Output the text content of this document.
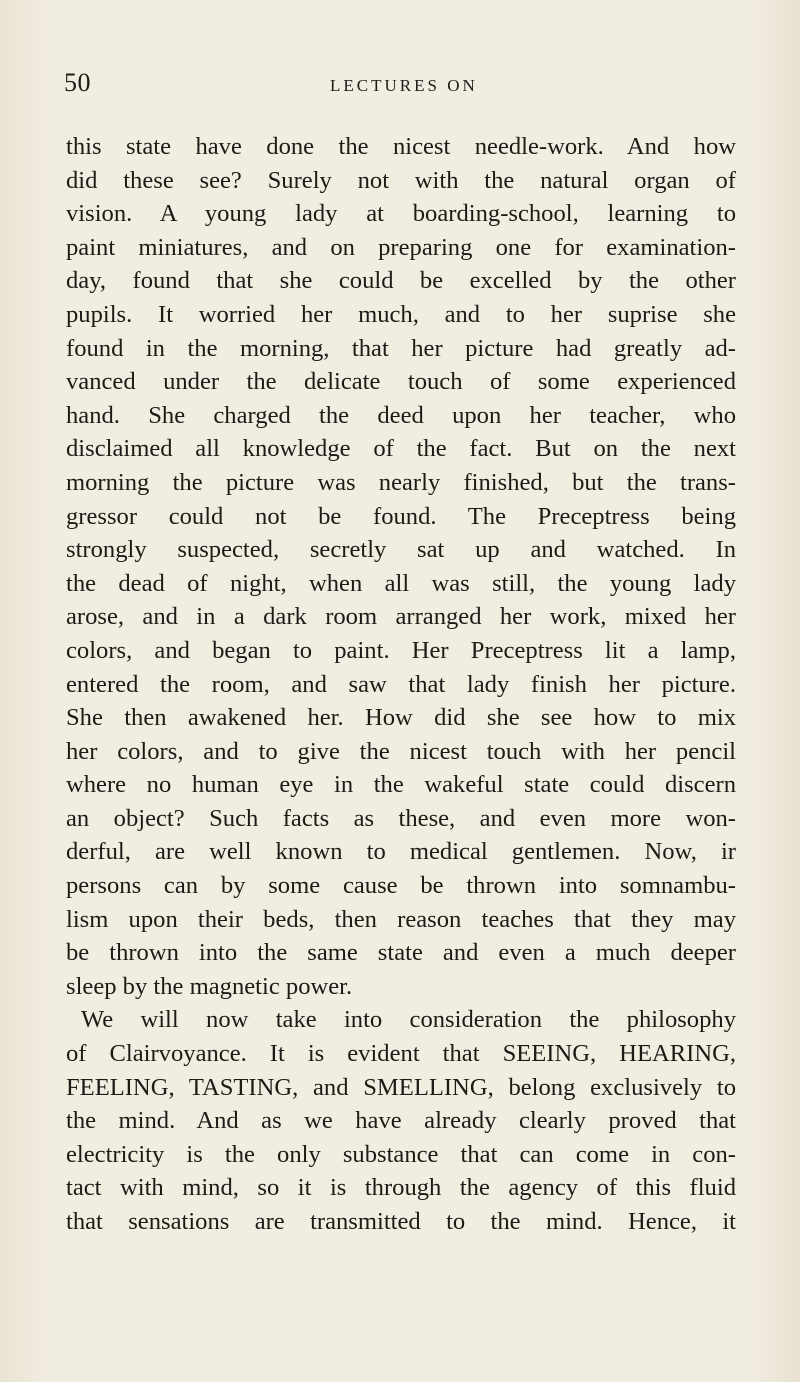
50	LECTURES ON
this state have done the nicest needle-work. And how
did these see? Surely not with the natural organ of
vision. A young lady at boarding-school, learning to
paint miniatures, and on preparing one for examination-
day, found that she could be excelled by the other
pupils. It worried her much, and to her suprise she
found in the morning, that her picture had greatly ad-
vanced under the delicate touch of some experienced
hand. She charged the deed upon her teacher, who
disclaimed all knowledge of the fact. But on the next
morning the picture was nearly finished, but the trans-
gressor could not be found. The Preceptress being
strongly suspected, secretly sat up and watched. In
the dead of night, when all was still, the young lady
arose, and in a dark room arranged her work, mixed her
colors, and began to paint. Her Preceptress lit a lamp,
entered the room, and saw that lady finish her picture.
She then awakened her. How did she see how to mix
her colors, and to give the nicest touch with her pencil
where no human eye in the wakeful state could discern
an object? Such facts as these, and even more won-
derful, are well known to medical gentlemen. Now, ir
persons can by some cause be thrown into somnambu-
lism upon their beds, then reason teaches that they may
be thrown into the same state and even a much deeper
sleep by the magnetic power.
We will now take into consideration the philosophy
of Clairvoyance. It is evident that SEEING, HEARING,
FEELING, TASTING, and SMELLING, belong exclusively to
the mind. And as we have already clearly proved that
electricity is the only substance that can come in con-
tact with mind, so it is through the agency of this fluid
that sensations are transmitted to the mind. Hence, it
